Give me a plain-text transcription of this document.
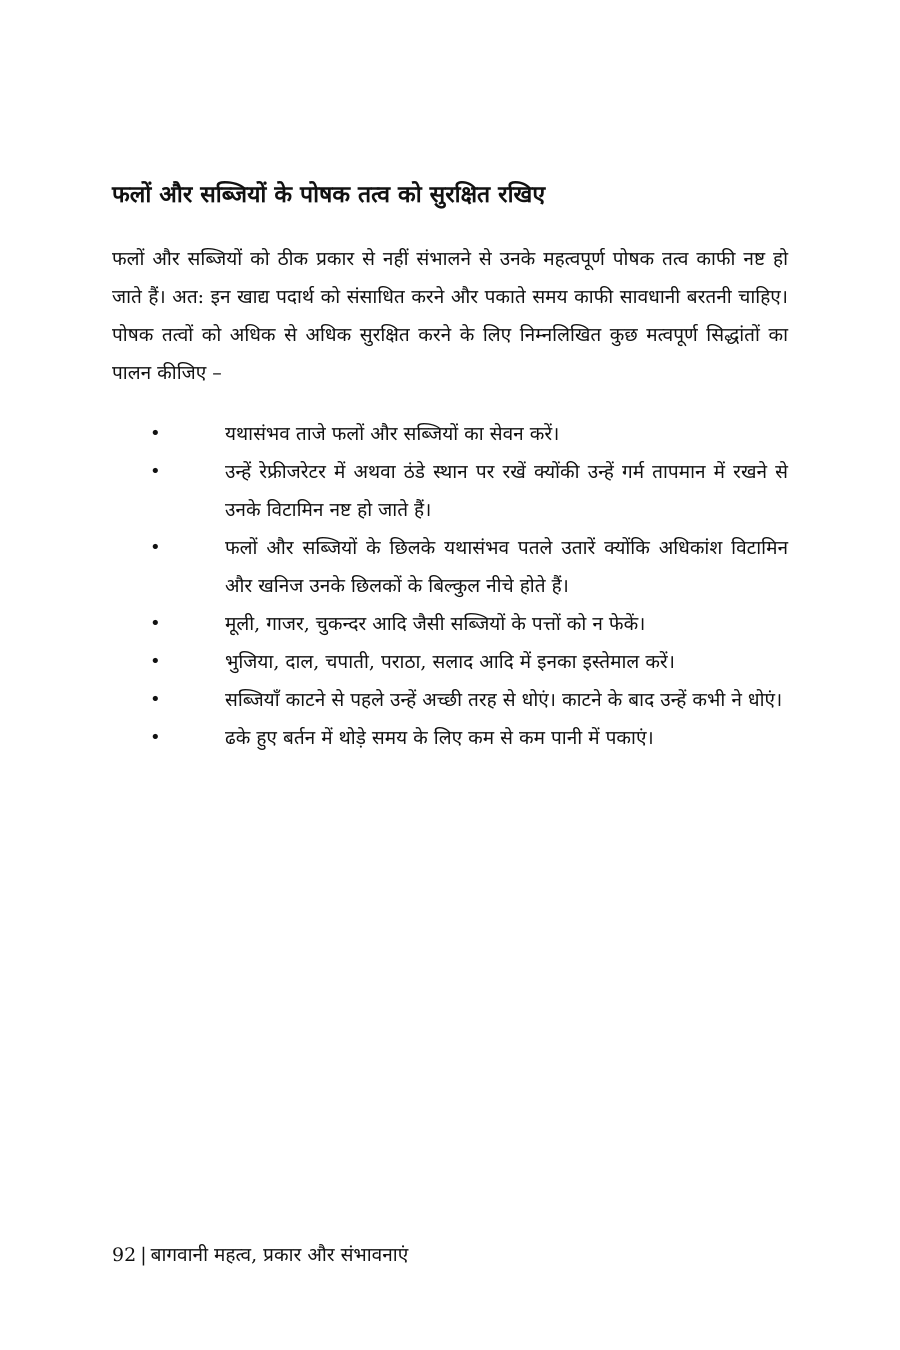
फलों और सब्जियों के पोषक तत्व को सुरक्षित रखिए

फलों और सब्जियों को ठीक प्रकार से नहीं संभालने से उनके महत्वपूर्ण पोषक तत्व काफी नष्ट हो जाते हैं। अत: इन खाद्य पदार्थ को संसाधित करने और पकाते समय काफी सावधानी बरतनी चाहिए। पोषक तत्वों को अधिक से अधिक सुरक्षित करने के लिए निम्नलिखित कुछ मत्वपूर्ण सिद्धांतों का पालन कीजिए –

•	यथासंभव ताजे फलों और सब्जियों का सेवन करें।
•	उन्हें रेफ्रीजरेटर में अथवा ठंडे स्थान पर रखें क्योंकी उन्हें गर्म तापमान में रखने से उनके विटामिन नष्ट हो जाते हैं।
•	फलों और सब्जियों के छिलके यथासंभव पतले उतारें क्योंकि अधिकांश विटामिन और खनिज उनके छिलकों के बिल्कुल नीचे होते हैं।
•	मूली, गाजर, चुकन्दर आदि जैसी सब्जियों के पत्तों को न फेकें।
•	भुजिया, दाल, चपाती, पराठा, सलाद आदि में इनका इस्तेमाल करें।
•	सब्जियाँ काटने से पहले उन्हें अच्छी तरह से धोएं। काटने के बाद उन्हें कभी ने धोएं।
•	ढके हुए बर्तन में थोड़े समय के लिए कम से कम पानी में पकाएं।
92 | बागवानी महत्व, प्रकार और संभावनाएं
